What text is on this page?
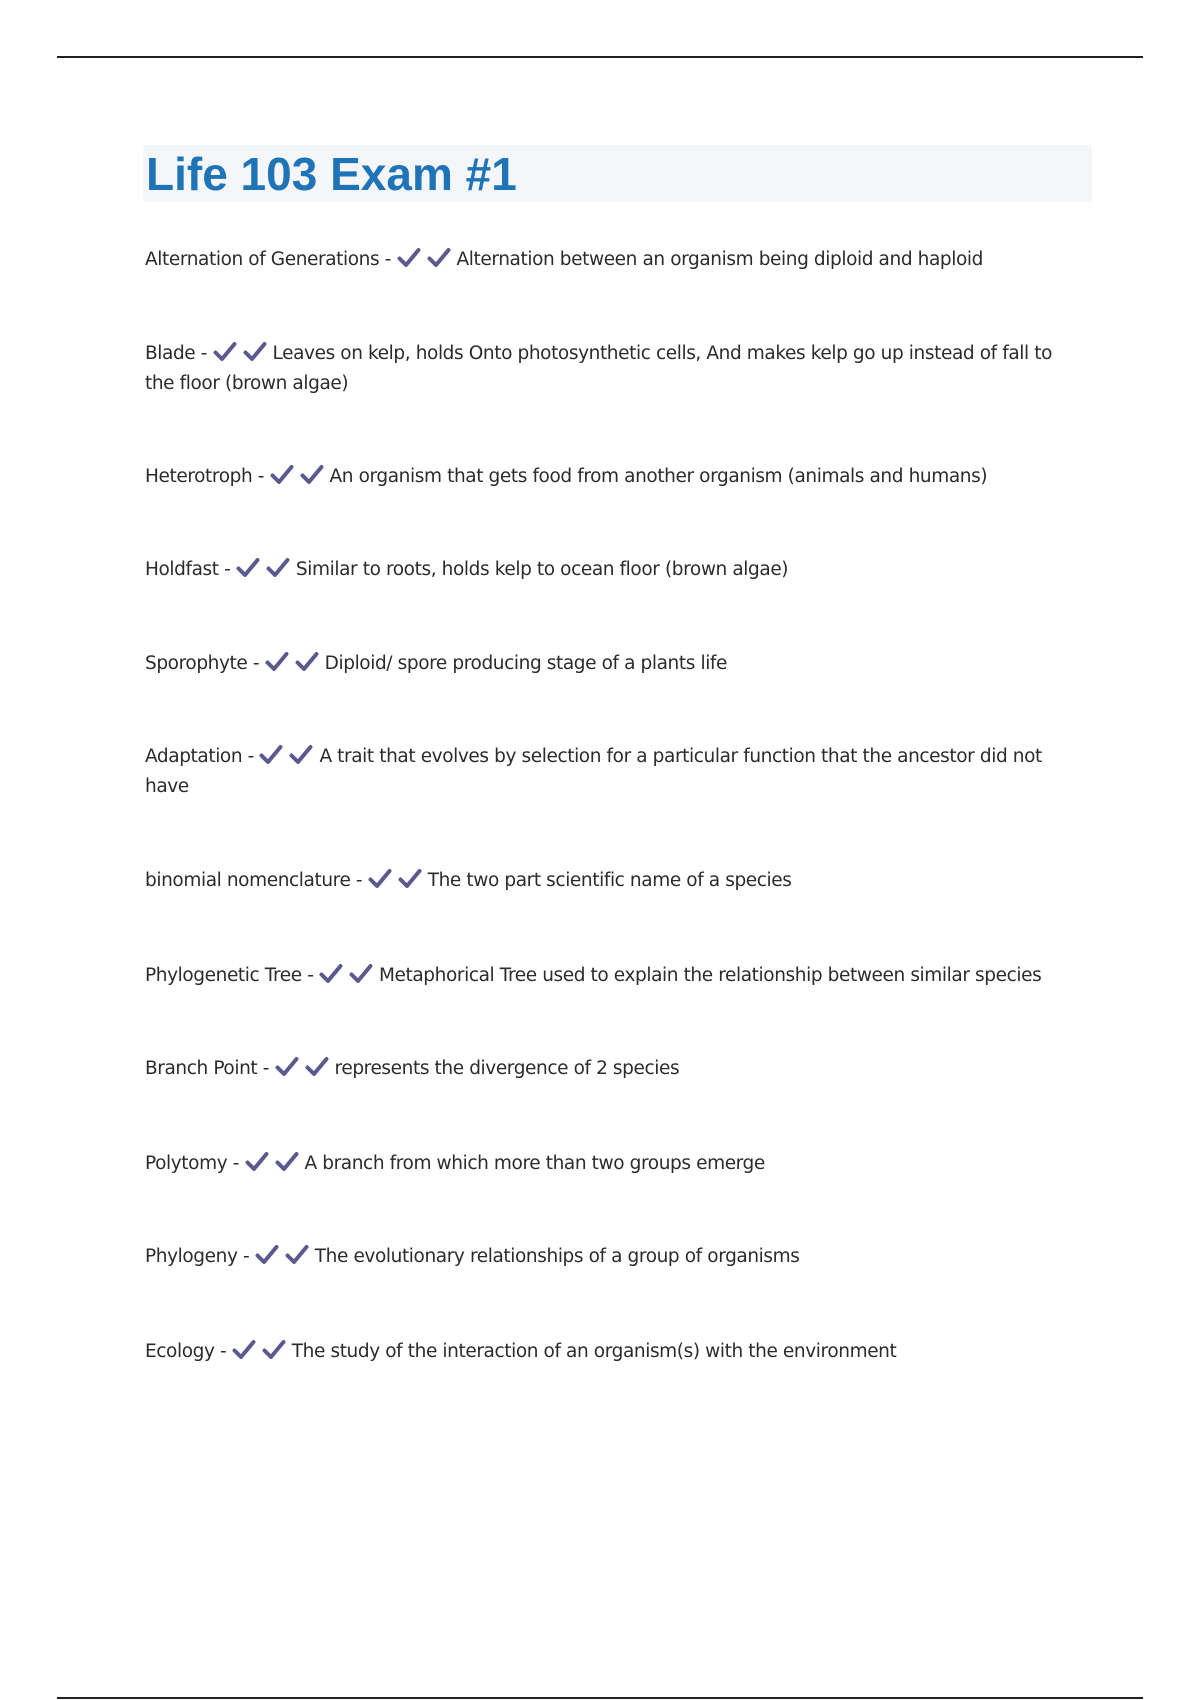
Life 103 Exam #1
Alternation of Generations -	Alternation between an organism being diploid and haploid
Blade -	Leaves on kelp, holds Onto photosynthetic cells, And makes kelp go up instead of fall to the floor (brown algae)
Heterotroph -	An organism that gets food from another organism (animals and humans)
Holdfast -	Similar to roots, holds kelp to ocean floor (brown algae)
Sporophyte -	Diploid/ spore producing stage of a plants life
Adaptation -	A trait that evolves by selection for a particular function that the ancestor did not have
binomial nomenclature -	The two part scientific name of a species
Phylogenetic Tree -	Metaphorical Tree used to explain the relationship between similar species
Branch Point -	represents the divergence of 2 species
Polytomy -	A branch from which more than two groups emerge
Phylogeny -	The evolutionary relationships of a group of organisms
Ecology -	The study of the interaction of an organism(s) with the environment
